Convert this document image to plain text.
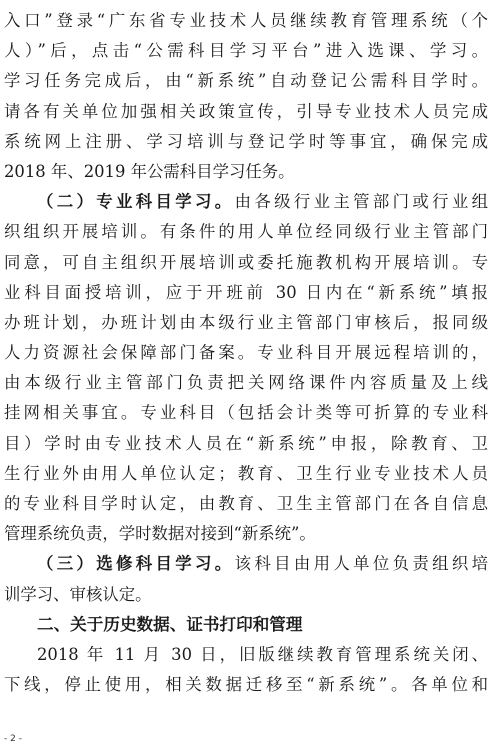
入口”登录“广东省专业技术人员继续教育管理系统（个
人）”后，点击“公需科目学习平台”进入选课、学习。
学习任务完成后，由“新系统”自动登记公需科目学时。
请各有关单位加强相关政策宣传，引导专业技术人员完成
系统网上注册、学习培训与登记学时等事宜，确保完成
2018 年、2019 年公需科目学习任务。
（二）专业科目学习。由各级行业主管部门或行业组
织组织开展培训。有条件的用人单位经同级行业主管部门
同意，可自主组织开展培训或委托施教机构开展培训。专
业科目面授培训，应于开班前 30 日内在“新系统”填报
办班计划，办班计划由本级行业主管部门审核后，报同级
人力资源社会保障部门备案。专业科目开展远程培训的，
由本级行业主管部门负责把关网络课件内容质量及上线
挂网相关事宜。专业科目（包括会计类等可折算的专业科
目）学时由专业技术人员在“新系统”申报，除教育、卫
生行业外由用人单位认定；教育、卫生行业专业技术人员
的专业科目学时认定，由教育、卫生主管部门在各自信息
管理系统负责，学时数据对接到“新系统”。
（三）选修科目学习。该科目由用人单位负责组织培
训学习、审核认定。
二、关于历史数据、证书打印和管理
2018 年 11 月 30 日，旧版继续教育管理系统关闭、
下线，停止使用，相关数据迁移至“新系统”。各单位和
- 2 -
